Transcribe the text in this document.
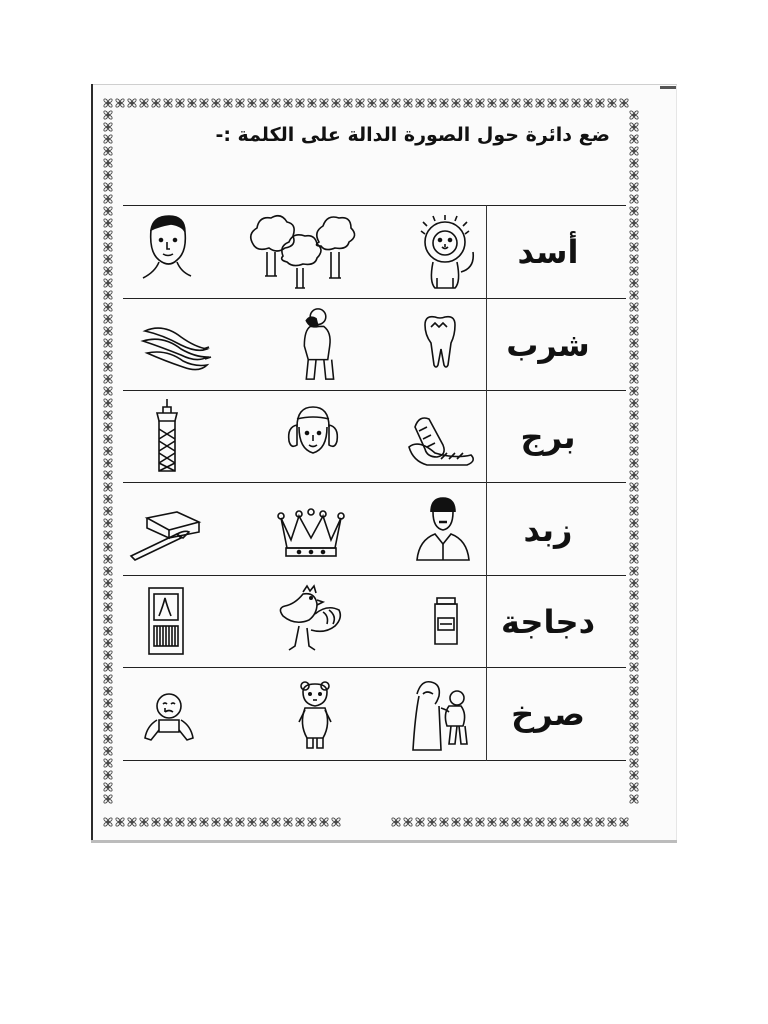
ضع دائرة حول الصورة الدالة على الكلمة :-
أسد
شرب
برج
زبد
دجاجة
صرخ
